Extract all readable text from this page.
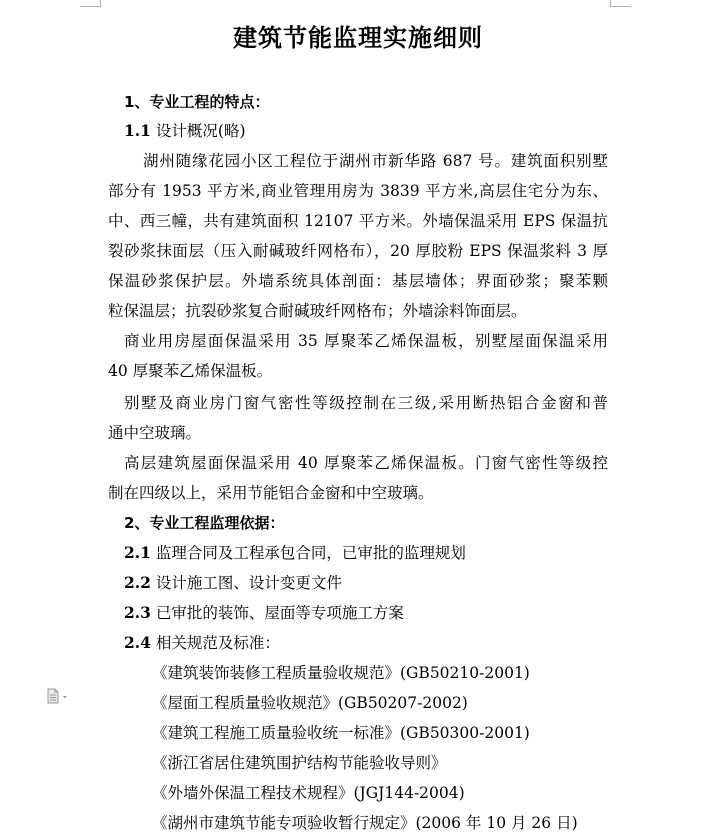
建筑节能监理实施细则
1、专业工程的特点：
1.1 设计概况(略)
湖州随缘花园小区工程位于湖州市新华路 687 号。建筑面积别墅
部分有 1953 平方米,商业管理用房为 3839 平方米,高层住宅分为东、
中、西三幢，共有建筑面积 12107 平方米。外墙保温采用 EPS 保温抗
裂砂浆抹面层（压入耐碱玻纤网格布），20 厚胶粉 EPS 保温浆料 3 厚
保温砂浆保护层。外墙系统具体剖面：基层墙体；界面砂浆；聚苯颗
粒保温层；抗裂砂浆复合耐碱玻纤网格布；外墙涂料饰面层。
商业用房屋面保温采用 35 厚聚苯乙烯保温板，别墅屋面保温采用
40 厚聚苯乙烯保温板。
别墅及商业房门窗气密性等级控制在三级,采用断热铝合金窗和普
通中空玻璃。
高层建筑屋面保温采用 40 厚聚苯乙烯保温板。门窗气密性等级控
制在四级以上，采用节能铝合金窗和中空玻璃。
2、专业工程监理依据：
2.1 监理合同及工程承包合同，已审批的监理规划
2.2 设计施工图、设计变更文件
2.3 已审批的装饰、屋面等专项施工方案
2.4 相关规范及标准：
《建筑装饰装修工程质量验收规范》(GB50210-2001)
《屋面工程质量验收规范》(GB50207-2002)
《建筑工程施工质量验收统一标准》(GB50300-2001)
《浙江省居住建筑围护结构节能验收导则》
《外墙外保温工程技术规程》(JGJ144-2004)
《湖州市建筑节能专项验收暂行规定》(2006 年 10 月 26 日)
